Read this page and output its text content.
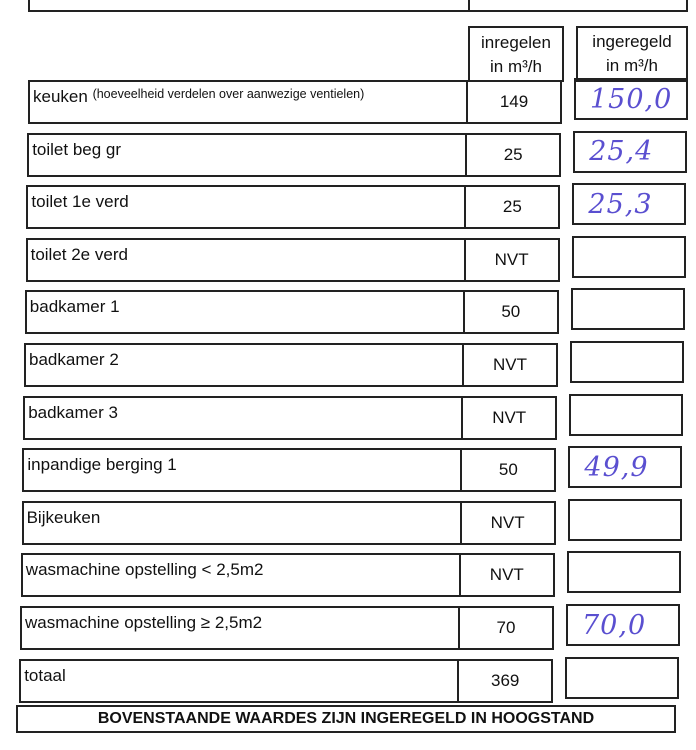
inregelen
in m³/h
ingeregeld
in m³/h
keuken
(hoeveelheid verdelen over aanwezige ventielen)	149	150,0
toilet beg gr	25	25,4
toilet 1e verd	25	25,3
toilet 2e verd	NVT
badkamer 1	50
badkamer 2	NVT
badkamer 3	NVT
inpandige berging 1	50	49,9
Bijkeuken	NVT
wasmachine opstelling < 2,5m2	NVT
wasmachine opstelling ≥ 2,5m2	70	70,0
totaal	369
BOVENSTAANDE WAARDES ZIJN INGEREGELD IN HOOGSTAND
